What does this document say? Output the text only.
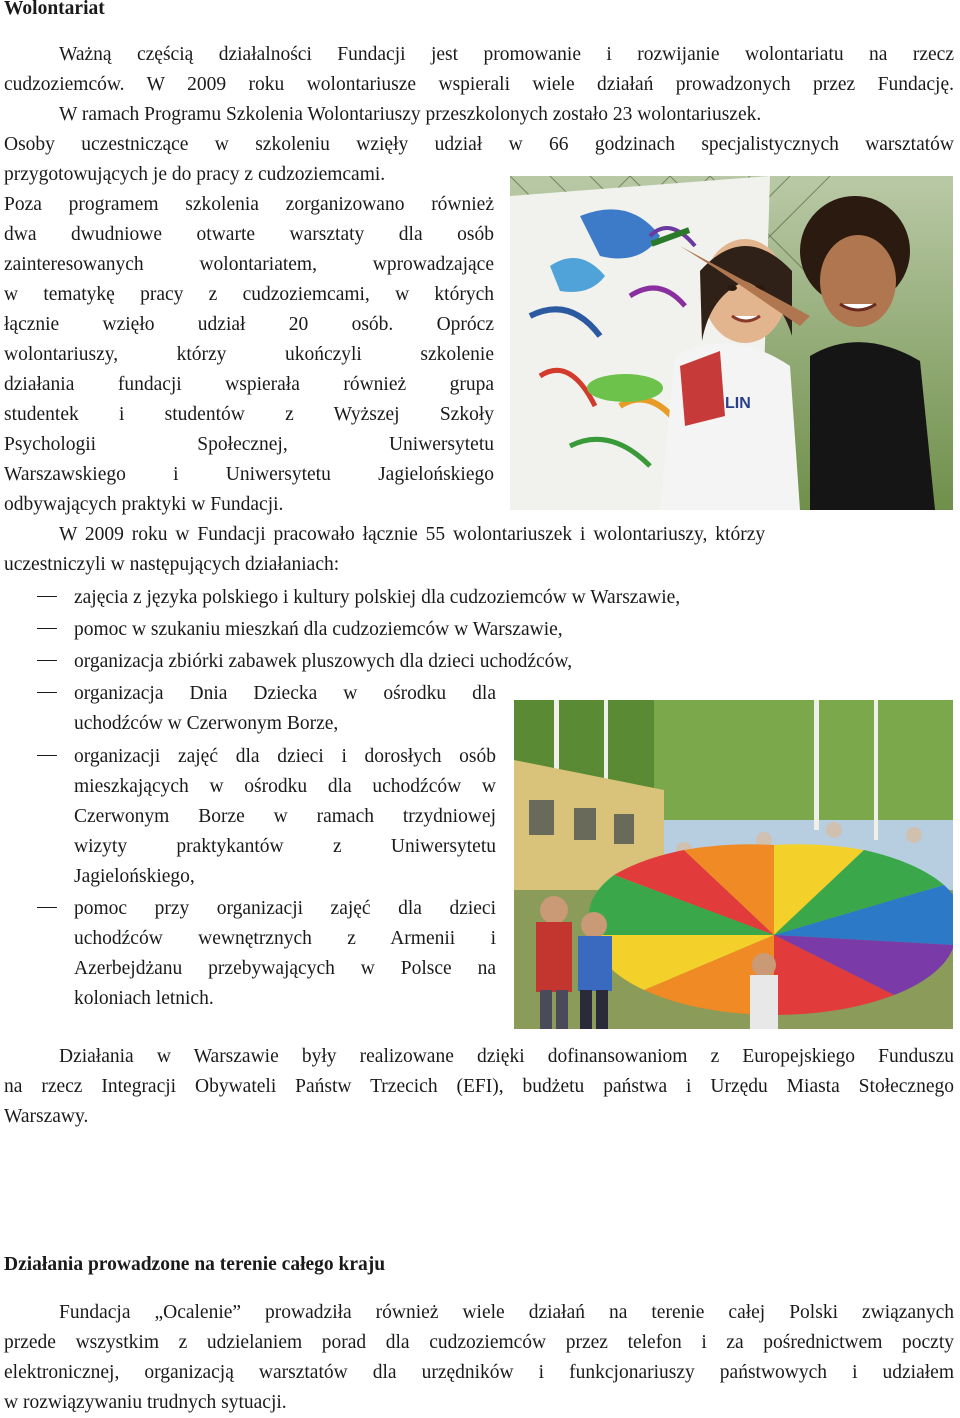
Wolontariat
Ważną częścią działalności Fundacji jest promowanie i rozwijanie wolontariatu na rzecz
cudzoziemców. W 2009 roku wolontariusze wspierali wiele działań prowadzonych przez Fundację.
W ramach Programu Szkolenia Wolontariuszy przeszkolonych zostało 23 wolontariuszek.
Osoby uczestniczące w szkoleniu wzięły udział w 66 godzinach specjalistycznych warsztatów
przygotowujących je do pracy z cudzoziemcami.
Poza programem szkolenia zorganizowano również
dwa dwudniowe otwarte warsztaty dla osób
zainteresowanych wolontariatem, wprowadzające
w tematykę pracy z cudzoziemcami, w których
łącznie wzięło udział 20 osób. Oprócz
wolontariuszy, którzy ukończyli szkolenie
działania fundacji wspierała również grupa
studentek i studentów z Wyższej Szkoły
Psychologii Społecznej, Uniwersytetu
Warszawskiego i Uniwersytetu Jagielońskiego
odbywających praktyki w Fundacji.
LIN
W 2009 roku w Fundacji pracowało łącznie 55 wolontariuszek i wolontariuszy, którzy
uczestniczyli w następujących działaniach:
zajęcia z języka polskiego i kultury polskiej dla cudzoziemców w Warszawie,
pomoc w szukaniu mieszkań dla cudzoziemców w Warszawie,
organizacja zbiórki zabawek pluszowych dla dzieci uchodźców,
organizacja Dnia Dziecka w ośrodku dla
uchodźców w Czerwonym Borze,
organizacji zajęć dla dzieci i dorosłych osób
mieszkających w ośrodku dla uchodźców w
Czerwonym Borze w ramach trzydniowej
wizyty praktykantów z Uniwersytetu
Jagielońskiego,
pomoc przy organizacji zajęć dla dzieci
uchodźców wewnętrznych z Armenii i
Azerbejdżanu przebywających w Polsce na
koloniach letnich.
Działania w Warszawie były realizowane dzięki dofinansowaniom z Europejskiego Funduszu
na rzecz Integracji Obywateli Państw Trzecich (EFI), budżetu państwa i Urzędu Miasta Stołecznego
Warszawy.
Działania prowadzone na terenie całego kraju
Fundacja „Ocalenie” prowadziła również wiele działań na terenie całej Polski związanych
przede wszystkim z udzielaniem porad dla cudzoziemców przez telefon i za pośrednictwem poczty
elektronicznej, organizacją warsztatów dla urzędników i funkcjonariuszy państwowych i udziałem
w rozwiązywaniu trudnych sytuacji.
